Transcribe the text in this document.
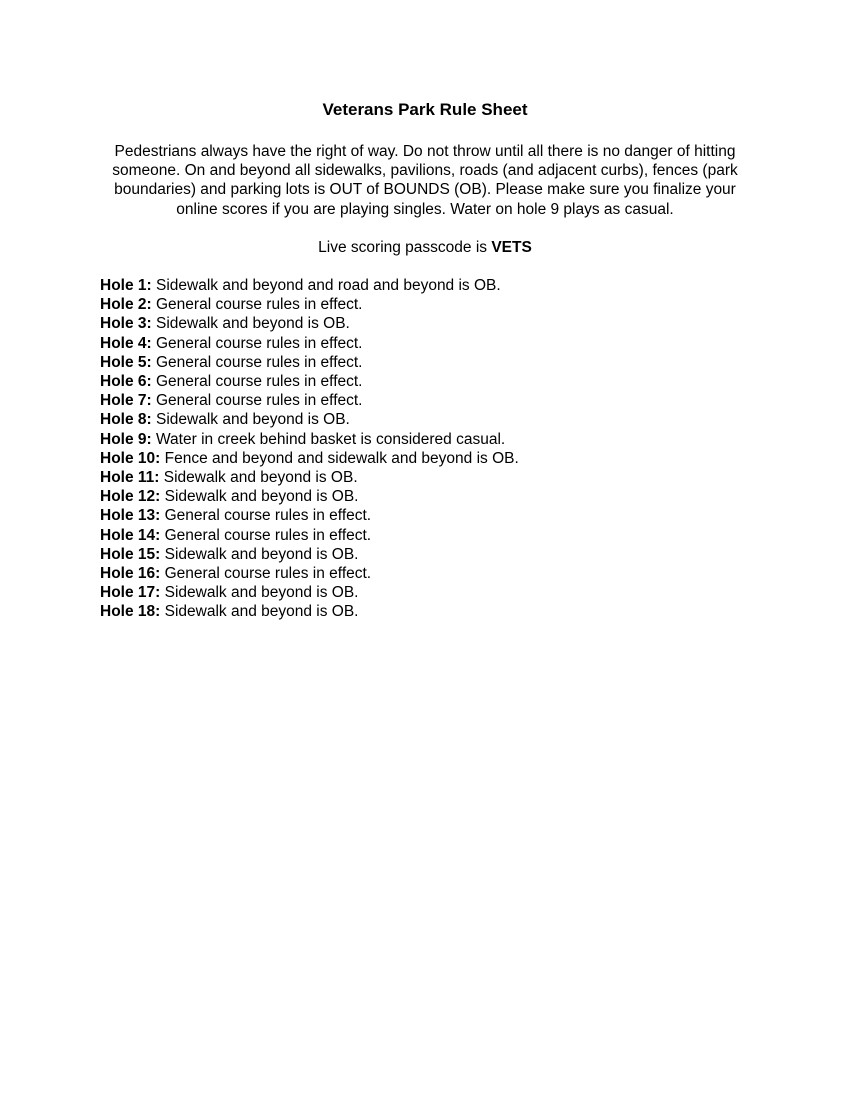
Veterans Park Rule Sheet

Pedestrians always have the right of way. Do not throw until all there is no danger of hitting someone. On and beyond all sidewalks, pavilions, roads (and adjacent curbs), fences (park boundaries) and parking lots is OUT of BOUNDS (OB). Please make sure you finalize your online scores if you are playing singles. Water on hole 9 plays as casual.

Live scoring passcode is VETS

Hole 1: Sidewalk and beyond and road and beyond is OB.
Hole 2: General course rules in effect.
Hole 3: Sidewalk and beyond is OB.
Hole 4: General course rules in effect.
Hole 5: General course rules in effect.
Hole 6: General course rules in effect.
Hole 7: General course rules in effect.
Hole 8: Sidewalk and beyond is OB.
Hole 9: Water in creek behind basket is considered casual.
Hole 10: Fence and beyond and sidewalk and beyond is OB.
Hole 11: Sidewalk and beyond is OB.
Hole 12: Sidewalk and beyond is OB.
Hole 13: General course rules in effect.
Hole 14: General course rules in effect.
Hole 15: Sidewalk and beyond is OB.
Hole 16: General course rules in effect.
Hole 17: Sidewalk and beyond is OB.
Hole 18: Sidewalk and beyond is OB.
